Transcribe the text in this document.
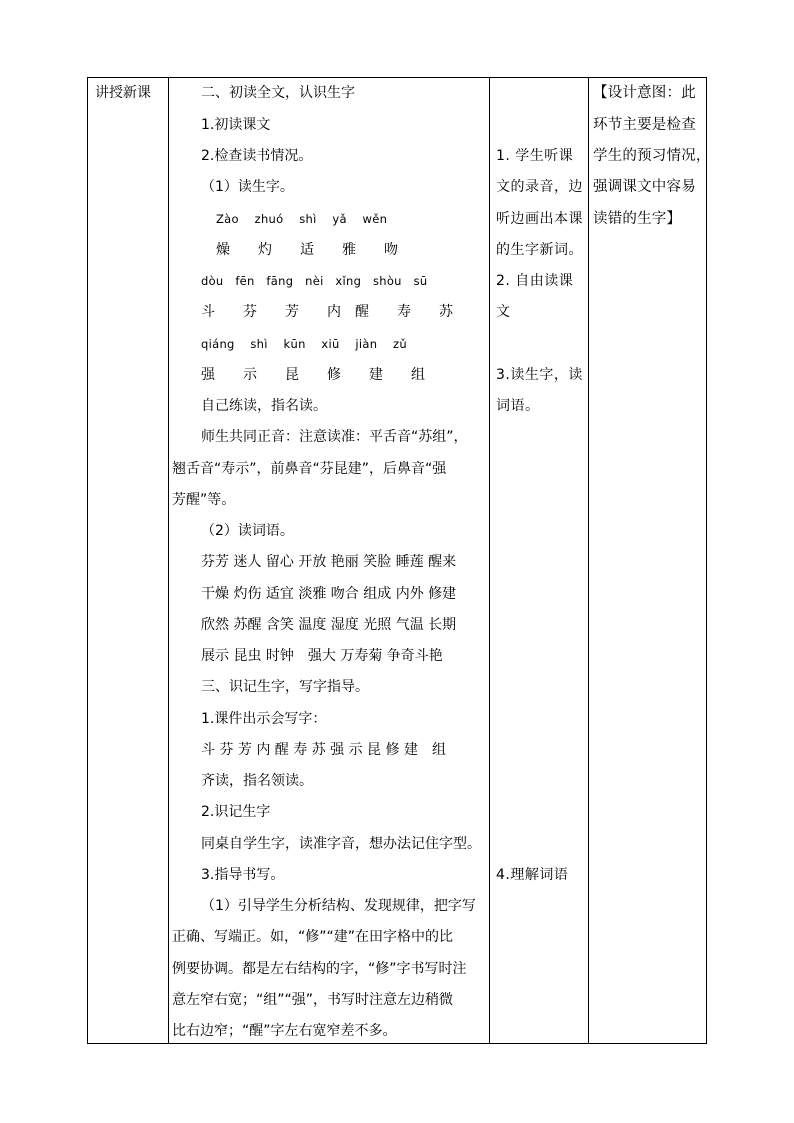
讲授新课	二、初读全文，认识生字
1.初读课文
2.检查读书情况。
（1）读生字。
Zào　 zhuó　 shì　 yǎ　 wěn
燥　　灼　　适　　雅　　吻
dòu　fēn　fāng　nèi　xǐng　shòu　sū
斗　　芬　　芳　　内　醒　　寿　　苏
qiáng　 shì　 kūn　 xiū　 jiàn　 zǔ
强　　示　　昆　　修　　建　　组
自己练读，指名读。
师生共同正音：注意读准：平舌音“苏组”，
翘舌音“寿示”，前鼻音“芬昆建”，后鼻音“强
芳醒”等。
（2）读词语。
芬芳 迷人 留心 开放 艳丽 笑脸 睡莲 醒来
干燥 灼伤 适宜 淡雅 吻合 组成 内外 修建
欣然 苏醒 含笑 温度 湿度 光照 气温 长期
展示 昆虫 时钟　强大 万寿菊 争奇斗艳
三、识记生字，写字指导。
1.课件出示会写字：
斗 芬 芳 内 醒 寿 苏 强 示 昆 修 建　组
齐读，指名领读。
2.识记生字
同桌自学生字，读准字音，想办法记住字型。
3.指导书写。
（1）引导学生分析结构、发现规律，把字写
正确、写端正。如，“修”“建”在田字格中的比
例要协调。都是左右结构的字，“修”字书写时注
意左窄右宽；“组”“强”，书写时注意左边稍微
比右边窄；“醒”字左右宽窄差不多。
1. 学生听课
文的录音，边
听边画出本课
的生字新词。
2. 自由读课
文
3.读生字，读
词语。
4.理解词语
【设计意图：此
环节主要是检查
学生的预习情况，
强调课文中容易
读错的生字】
